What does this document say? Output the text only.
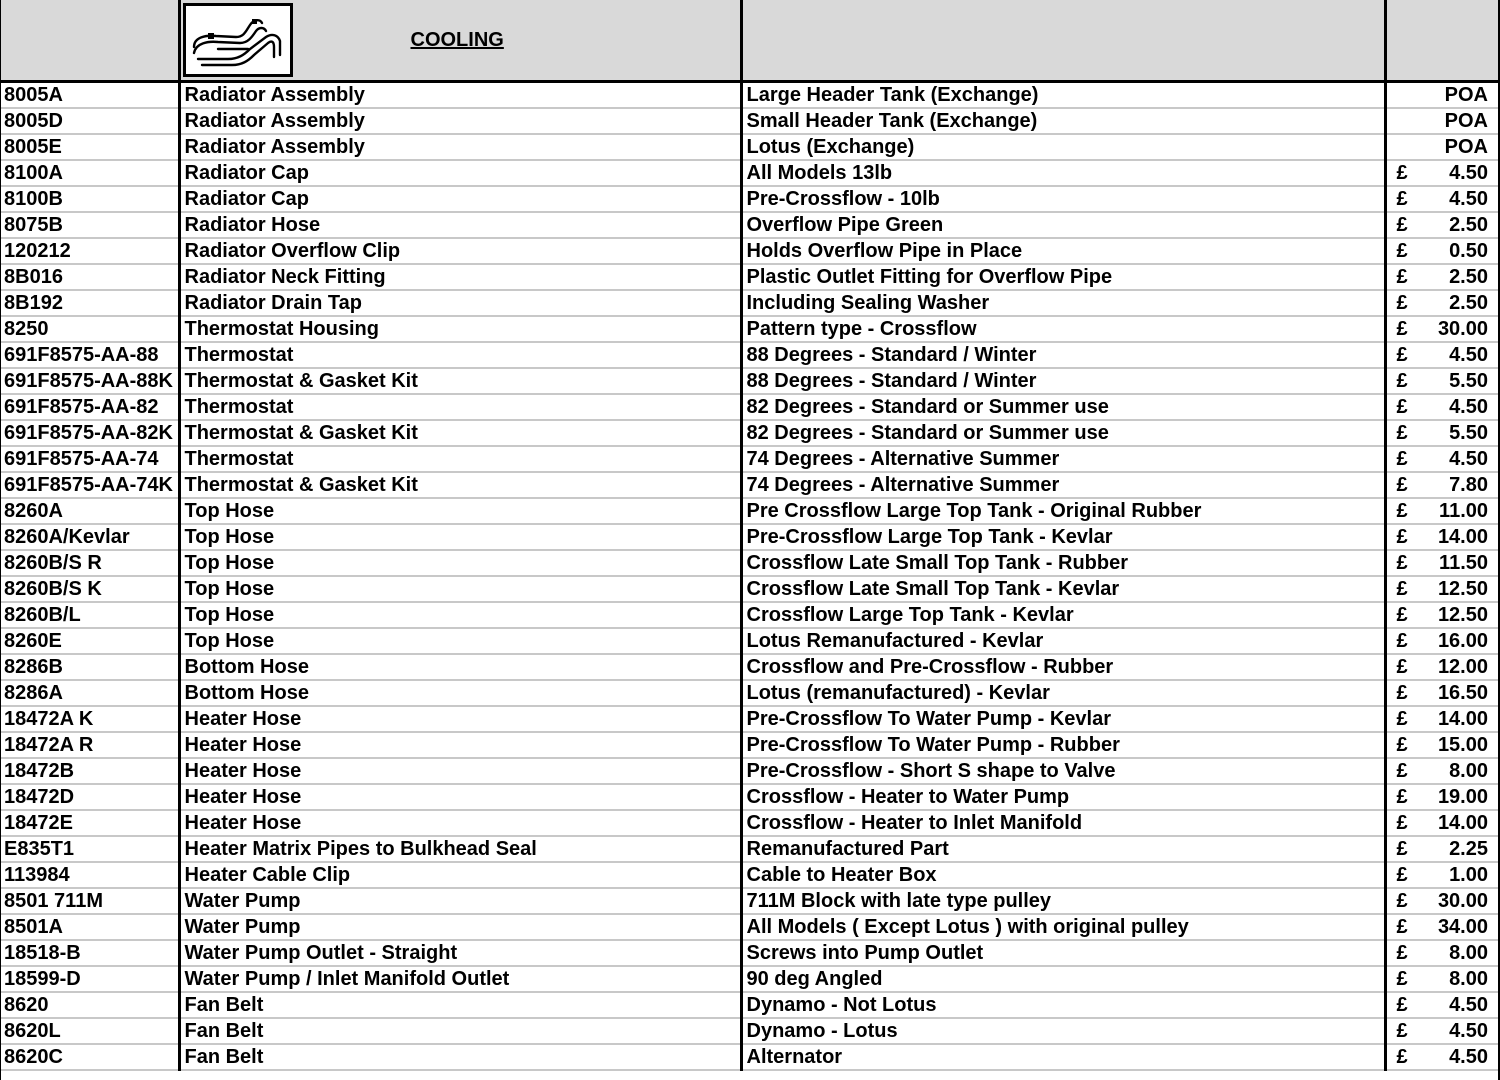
	COOLING		

8005A	Radiator Assembly	Large Header Tank (Exchange)	POA

8005D	Radiator Assembly	Small Header Tank (Exchange)	POA

8005E	Radiator Assembly	Lotus (Exchange)	POA

8100A	Radiator Cap	All Models 13lb	£ 4.50

8100B	Radiator Cap	Pre-Crossflow - 10lb	£ 4.50

8075B	Radiator Hose	Overflow Pipe Green	£ 2.50

120212	Radiator Overflow Clip	Holds Overflow Pipe in Place	£ 0.50

8B016	Radiator Neck Fitting	Plastic Outlet Fitting for Overflow Pipe	£ 2.50

8B192	Radiator Drain Tap	Including Sealing Washer	£ 2.50

8250	Thermostat Housing	Pattern type - Crossflow	£ 30.00

691F8575-AA-88	Thermostat	88 Degrees - Standard / Winter	£ 4.50

691F8575-AA-88K	Thermostat & Gasket Kit	88 Degrees - Standard / Winter	£ 5.50

691F8575-AA-82	Thermostat	82 Degrees - Standard or Summer use	£ 4.50

691F8575-AA-82K	Thermostat & Gasket Kit	82 Degrees - Standard or Summer use	£ 5.50

691F8575-AA-74	Thermostat	74 Degrees - Alternative Summer	£ 4.50

691F8575-AA-74K	Thermostat & Gasket Kit	74 Degrees - Alternative Summer	£ 7.80

8260A	Top Hose	Pre Crossflow Large Top Tank - Original Rubber	£ 11.00

8260A/Kevlar	Top Hose	Pre-Crossflow Large Top Tank - Kevlar	£ 14.00

8260B/S R	Top Hose	Crossflow Late Small Top Tank - Rubber	£ 11.50

8260B/S K	Top Hose	Crossflow Late Small Top Tank - Kevlar	£ 12.50

8260B/L	Top Hose	Crossflow Large Top Tank - Kevlar	£ 12.50

8260E	Top Hose	Lotus Remanufactured - Kevlar	£ 16.00

8286B	Bottom Hose	Crossflow and Pre-Crossflow - Rubber	£ 12.00

8286A	Bottom Hose	Lotus (remanufactured) - Kevlar	£ 16.50

18472A K	Heater Hose	Pre-Crossflow To Water Pump - Kevlar	£ 14.00

18472A R	Heater Hose	Pre-Crossflow To Water Pump - Rubber	£ 15.00

18472B	Heater Hose	Pre-Crossflow - Short S shape to Valve	£ 8.00

18472D	Heater Hose	Crossflow - Heater to Water Pump	£ 19.00

18472E	Heater Hose	Crossflow - Heater to Inlet Manifold	£ 14.00

E835T1	Heater Matrix Pipes to Bulkhead Seal	Remanufactured Part	£ 2.25

113984	Heater Cable Clip	Cable to Heater Box	£ 1.00

8501 711M	Water Pump	711M Block with late type pulley	£ 30.00

8501A	Water Pump	All Models ( Except Lotus ) with original pulley	£ 34.00

18518-B	Water Pump Outlet - Straight	Screws into Pump Outlet	£ 8.00

18599-D	Water Pump / Inlet Manifold Outlet	90 deg Angled	£ 8.00

8620	Fan Belt	Dynamo - Not Lotus	£ 4.50

8620L	Fan Belt	Dynamo - Lotus	£ 4.50

8620C	Fan Belt	Alternator	£ 4.50
